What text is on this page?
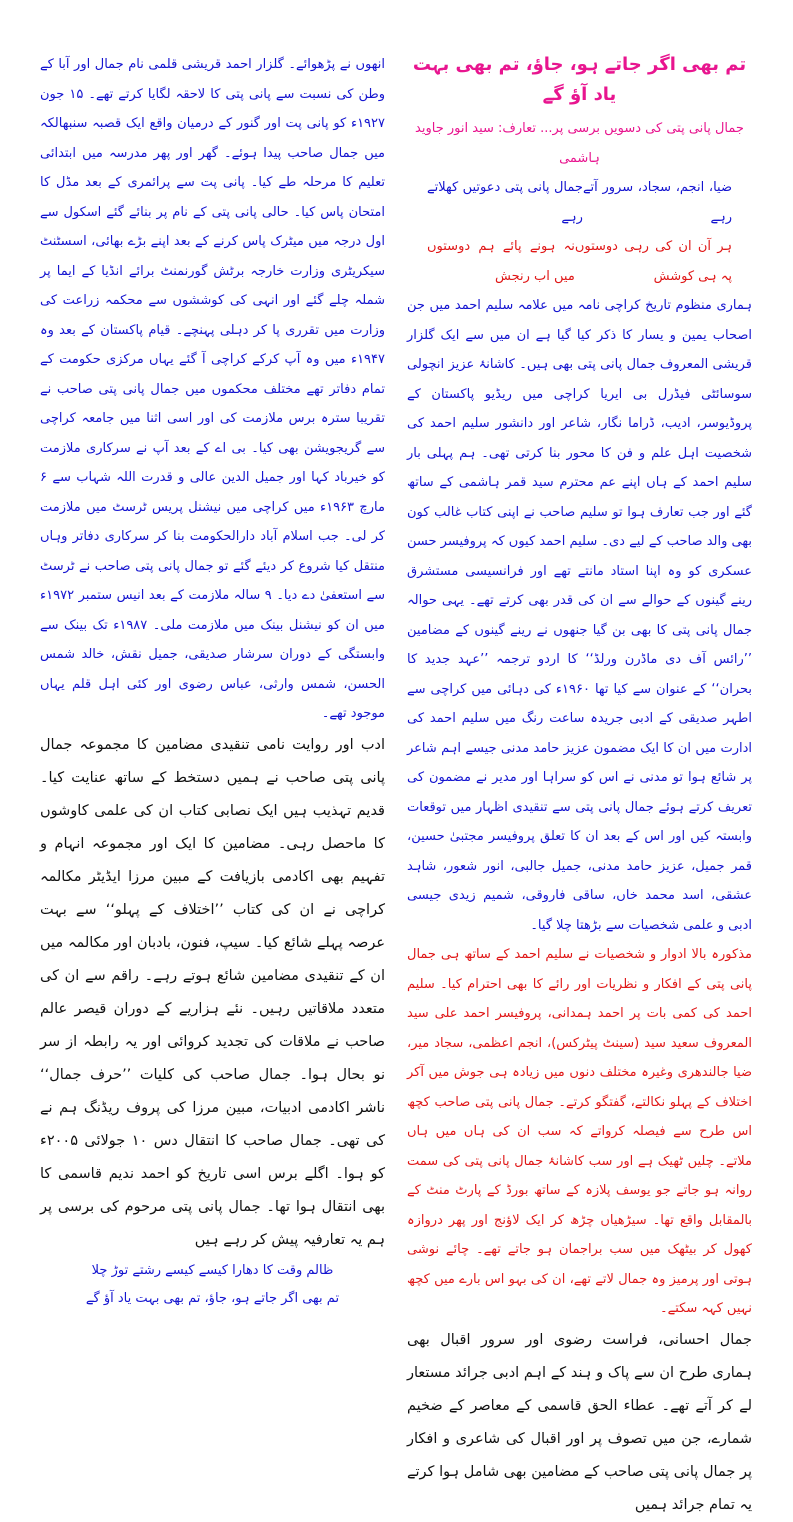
تم بھی اگر جاتے ہو، جاؤ، تم بھی بہت یاد آؤ گے

جمال پانی پتی کی دسویں برسی پر... تعارف: سید انور جاوید ہاشمی

ضیا، انجم، سجاد، سرور آتے رہے
جمال پانی پتی دعوتیں کھلاتے رہے
ہر آن ان کی رہی دوستوں پہ ہی کوشش
نہ ہونے پائے ہم دوستوں میں اب رنجش

ہماری منظوم تاریخ کراچی نامہ میں علامہ سلیم احمد میں جن اصحاب یمین و یسار کا ذکر کیا گیا ہے ان میں سے ایک گلزار قریشی المعروف جمال پانی پتی بھی ہیں۔ کاشانۂ عزیز انچولی سوسائٹی فیڈرل بی ایریا کراچی میں ریڈیو پاکستان کے پروڈیوسر، ادیب، ڈراما نگار، شاعر اور دانشور سلیم احمد کی شخصیت اہل علم و فن کا محور بنا کرتی تھی۔ ہم پہلی بار سلیم احمد کے ہاں اپنے عم محترم سید قمر ہاشمی کے ساتھ گئے اور جب تعارف ہوا تو سلیم صاحب نے اپنی کتاب غالب کون بھی والد صاحب کے لیے دی۔ سلیم احمد کیوں کہ پروفیسر حسن عسکری کو وہ اپنا استاد مانتے تھے اور فرانسیسی مستشرق رینے گینوں کے حوالے سے ان کی قدر بھی کرتے تھے۔ یہی حوالہ جمال پانی پتی کا بھی بن گیا جنھوں نے رینے گینوں کے مضامین ’’رائس آف دی ماڈرن ورلڈ‘‘ کا اردو ترجمہ ’’عہد جدید کا بحران‘‘ کے عنوان سے کیا تھا ۱۹۶۰ء کی دہائی میں کراچی سے اطہر صدیقی کے ادبی جریدہ ساعت رنگ میں سلیم احمد کی ادارت میں ان کا ایک مضمون عزیز حامد مدنی جیسے اہم شاعر پر شائع ہوا تو مدنی نے اس کو سراہا اور مدیر نے مضمون کی تعریف کرتے ہوئے جمال پانی پتی سے تنقیدی اظہار میں توقعات وابستہ کیں اور اس کے بعد ان کا تعلق پروفیسر مجتبیٰ حسین، قمر جمیل، عزیز حامد مدنی، جمیل جالبی، انور شعور، شاہد عشقی، اسد محمد خاں، ساقی فاروقی، شمیم زیدی جیسی ادبی و علمی شخصیات سے بڑھتا چلا گیا۔

مذکورہ بالا ادوار و شخصیات نے سلیم احمد کے ساتھ ہی جمال پانی پتی کے افکار و نظریات اور رائے کا بھی احترام کیا۔ سلیم احمد کی کمی بات پر احمد ہمدانی، پروفیسر احمد علی سید المعروف سعید سید (سینٹ پیٹرکس)، انجم اعظمی، سجاد میر، ضیا جالندھری وغیرہ مختلف دنوں میں زیادہ ہی جوش میں آکر اختلاف کے پہلو نکالتے، گفتگو کرتے۔ جمال پانی پتی صاحب کچھ اس طرح سے فیصلہ کرواتے کہ سب ان کی ہاں میں ہاں ملاتے۔ چلیں ٹھیک ہے اور سب کاشانۂ جمال پانی پتی کی سمت روانہ ہو جاتے جو یوسف پلازہ کے ساتھ بورڈ کے پارٹ منٹ کے بالمقابل واقع تھا۔ سیڑھیاں چڑھ کر ایک لاؤنج اور پھر دروازہ کھول کر بیٹھک میں سب براجمان ہو جاتے تھے۔ چائے نوشی ہوتی اور پرمیز وہ جمال لاتے تھے، ان کی بہو اس بارے میں کچھ نہیں کہہ سکتے۔

جمال احسانی، فراست رضوی اور سرور اقبال بھی ہماری طرح ان سے پاک و ہند کے اہم ادبی جرائد مستعار لے کر آتے تھے۔ عطاء الحق قاسمی کے معاصر کے ضخیم شمارے، جن میں تصوف پر اور اقبال کی شاعری و افکار پر جمال پانی پتی صاحب کے مضامین بھی شامل ہوا کرتے یہ تمام جرائد ہمیں

انھوں نے پڑھوائے۔ گلزار احمد قریشی قلمی نام جمال اور آبا کے وطن کی نسبت سے پانی پتی کا لاحقہ لگایا کرتے تھے۔ ۱۵ جون ۱۹۲۷ء کو پانی پت اور گنور کے درمیان واقع ایک قصبہ سنبھالکہ میں جمال صاحب پیدا ہوئے۔ گھر اور پھر مدرسہ میں ابتدائی تعلیم کا مرحلہ طے کیا۔ پانی پت سے پرائمری کے بعد مڈل کا امتحان پاس کیا۔ حالی پانی پتی کے نام پر بنائے گئے اسکول سے اول درجہ میں میٹرک پاس کرنے کے بعد اپنے بڑے بھائی، اسسٹنٹ سیکریٹری وزارت خارجہ برٹش گورنمنٹ برائے انڈیا کے ایما پر شملہ چلے گئے اور انہی کی کوششوں سے محکمہ زراعت کی وزارت میں تقرری پا کر دہلی پہنچے۔ قیام پاکستان کے بعد وہ ۱۹۴۷ء میں وہ آپ کرکے کراچی آ گئے یہاں مرکزی حکومت کے تمام دفاتر تھے مختلف محکموں میں جمال پانی پتی صاحب نے تقریبا سترہ برس ملازمت کی اور اسی اثنا میں جامعہ کراچی سے گریجویشن بھی کیا۔ بی اے کے بعد آپ نے سرکاری ملازمت کو خیرباد کہا اور جمیل الدین عالی و قدرت اللہ شہاب سے ۶ مارچ ۱۹۶۳ء میں کراچی میں نیشنل پریس ٹرسٹ میں ملازمت کر لی۔ جب اسلام آباد دارالحکومت بنا کر سرکاری دفاتر وہاں منتقل کیا شروع کر دیئے گئے تو جمال پانی پتی صاحب نے ٹرسٹ سے استعفیٰ دے دیا۔ ۹ سالہ ملازمت کے بعد انیس ستمبر ۱۹۷۲ء میں ان کو نیشنل بینک میں ملازمت ملی۔ ۱۹۸۷ء تک بینک سے وابستگی کے دوران سرشار صدیقی، جمیل نقش، خالد شمس الحسن، شمس وارثی، عباس رضوی اور کئی اہل قلم یہاں موجود تھے۔

ادب اور روایت نامی تنقیدی مضامین کا مجموعہ جمال پانی پتی صاحب نے ہمیں دستخط کے ساتھ عنایت کیا۔ قدیم تہذیب ہیں ایک نصابی کتاب ان کی علمی کاوشوں کا ماحصل رہی۔ مضامین کا ایک اور مجموعہ انہام و تفہیم بھی اکادمی بازیافت کے مبین مرزا ایڈیٹر مکالمہ کراچی نے ان کی کتاب ’’اختلاف کے پہلو‘‘ سے بہت عرصہ پہلے شائع کیا۔ سیپ، فنون، بادبان اور مکالمہ میں ان کے تنقیدی مضامین شائع ہوتے رہے۔ راقم سے ان کی متعدد ملاقاتیں رہیں۔ نئے ہزاریے کے دوران قیصر عالم صاحب نے ملاقات کی تجدید کروائی اور یہ رابطہ از سر نو بحال ہوا۔ جمال صاحب کی کلیات ’’حرف جمال‘‘ ناشر اکادمی ادبیات، مبین مرزا کی پروف ریڈنگ ہم نے کی تھی۔ جمال صاحب کا انتقال دس ۱۰ جولائی ۲۰۰۵ء کو ہوا۔ اگلے برس اسی تاریخ کو احمد ندیم قاسمی کا بھی انتقال ہوا تھا۔ جمال پانی پتی مرحوم کی برسی پر ہم یہ تعارفیہ پیش کر رہے ہیں

ظالم وقت کا دھارا کیسے کیسے رشتے توڑ چلا
تم بھی اگر جاتے ہو، جاؤ، تم بھی بہت یاد آؤ گے
